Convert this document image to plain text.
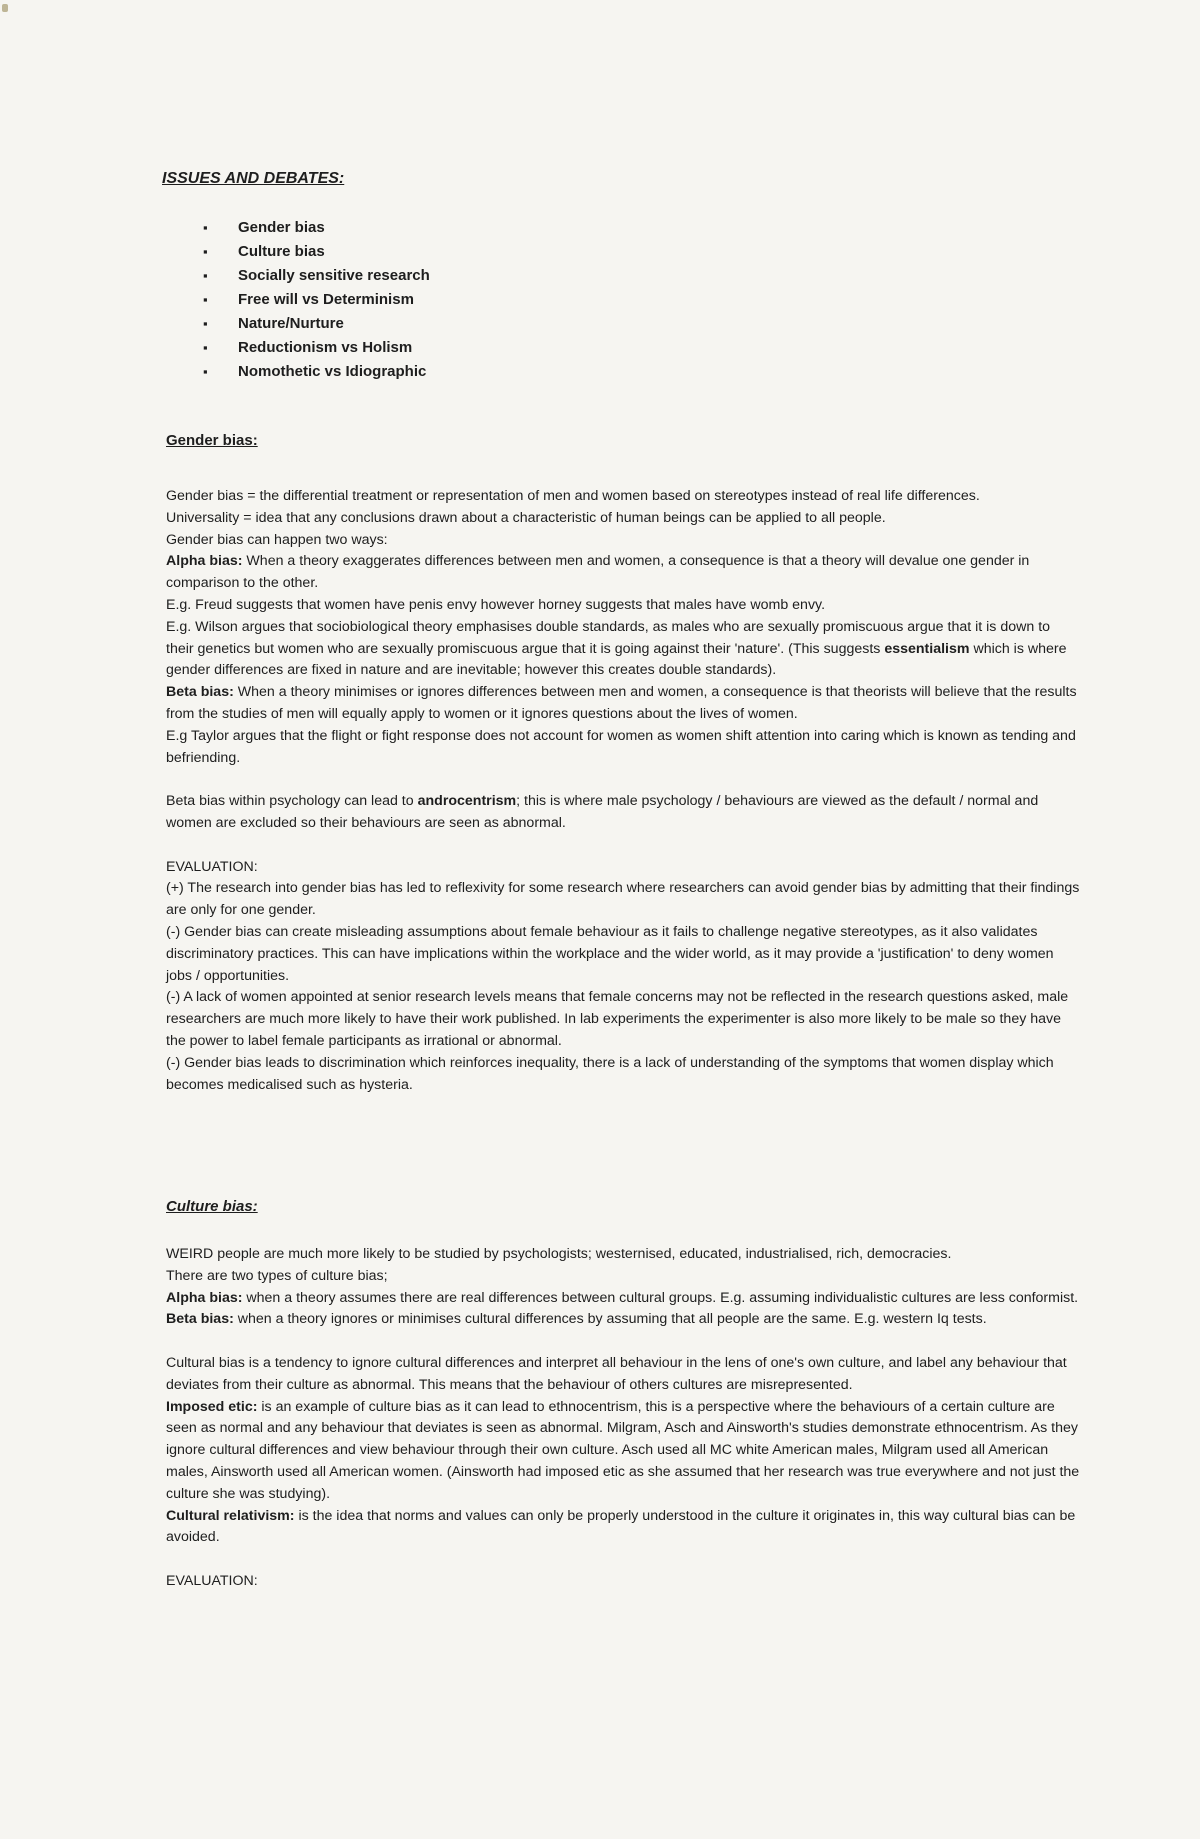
ISSUES AND DEBATES:
▪ Gender bias
▪ Culture bias
▪ Socially sensitive research
▪ Free will vs Determinism
▪ Nature/Nurture
▪ Reductionism vs Holism
▪ Nomothetic vs Idiographic
Gender bias:

Gender bias = the differential treatment or representation of men and women based on stereotypes instead of real life differences.

Universality = idea that any conclusions drawn about a characteristic of human beings can be applied to all people.

Gender bias can happen two ways:

Alpha bias: When a theory exaggerates differences between men and women, a consequence is that a theory will devalue one gender in comparison to the other.

E.g. Freud suggests that women have penis envy however horney suggests that males have womb envy.

E.g. Wilson argues that sociobiological theory emphasises double standards, as males who are sexually promiscuous argue that it is down to their genetics but women who are sexually promiscuous argue that it is going against their 'nature'. (This suggests essentialism which is where gender differences are fixed in nature and are inevitable; however this creates double standards).

Beta bias: When a theory minimises or ignores differences between men and women, a consequence is that theorists will believe that the results from the studies of men will equally apply to women or it ignores questions about the lives of women.

E.g Taylor argues that the flight or fight response does not account for women as women shift attention into caring which is known as tending and befriending.

Beta bias within psychology can lead to androcentrism; this is where male psychology / behaviours are viewed as the default / normal and women are excluded so their behaviours are seen as abnormal.

EVALUATION:

(+) The research into gender bias has led to reflexivity for some research where researchers can avoid gender bias by admitting that their findings are only for one gender.

(-) Gender bias can create misleading assumptions about female behaviour as it fails to challenge negative stereotypes, as it also validates discriminatory practices. This can have implications within the workplace and the wider world, as it may provide a 'justification' to deny women jobs / opportunities.

(-) A lack of women appointed at senior research levels means that female concerns may not be reflected in the research questions asked, male researchers are much more likely to have their work published. In lab experiments the experimenter is also more likely to be male so they have the power to label female participants as irrational or abnormal.

(-) Gender bias leads to discrimination which reinforces inequality, there is a lack of understanding of the symptoms that women display which becomes medicalised such as hysteria.

Culture bias:

WEIRD people are much more likely to be studied by psychologists; westernised, educated, industrialised, rich, democracies.

There are two types of culture bias;

Alpha bias: when a theory assumes there are real differences between cultural groups. E.g. assuming individualistic cultures are less conformist.

Beta bias: when a theory ignores or minimises cultural differences by assuming that all people are the same. E.g. western Iq tests.

Cultural bias is a tendency to ignore cultural differences and interpret all behaviour in the lens of one's own culture, and label any behaviour that deviates from their culture as abnormal. This means that the behaviour of others cultures are misrepresented.

Imposed etic: is an example of culture bias as it can lead to ethnocentrism, this is a perspective where the behaviours of a certain culture are seen as normal and any behaviour that deviates is seen as abnormal. Milgram, Asch and Ainsworth's studies demonstrate ethnocentrism. As they ignore cultural differences and view behaviour through their own culture. Asch used all MC white American males, Milgram used all American males, Ainsworth used all American women. (Ainsworth had imposed etic as she assumed that her research was true everywhere and not just the culture she was studying).

Cultural relativism: is the idea that norms and values can only be properly understood in the culture it originates in, this way cultural bias can be avoided.

EVALUATION:
